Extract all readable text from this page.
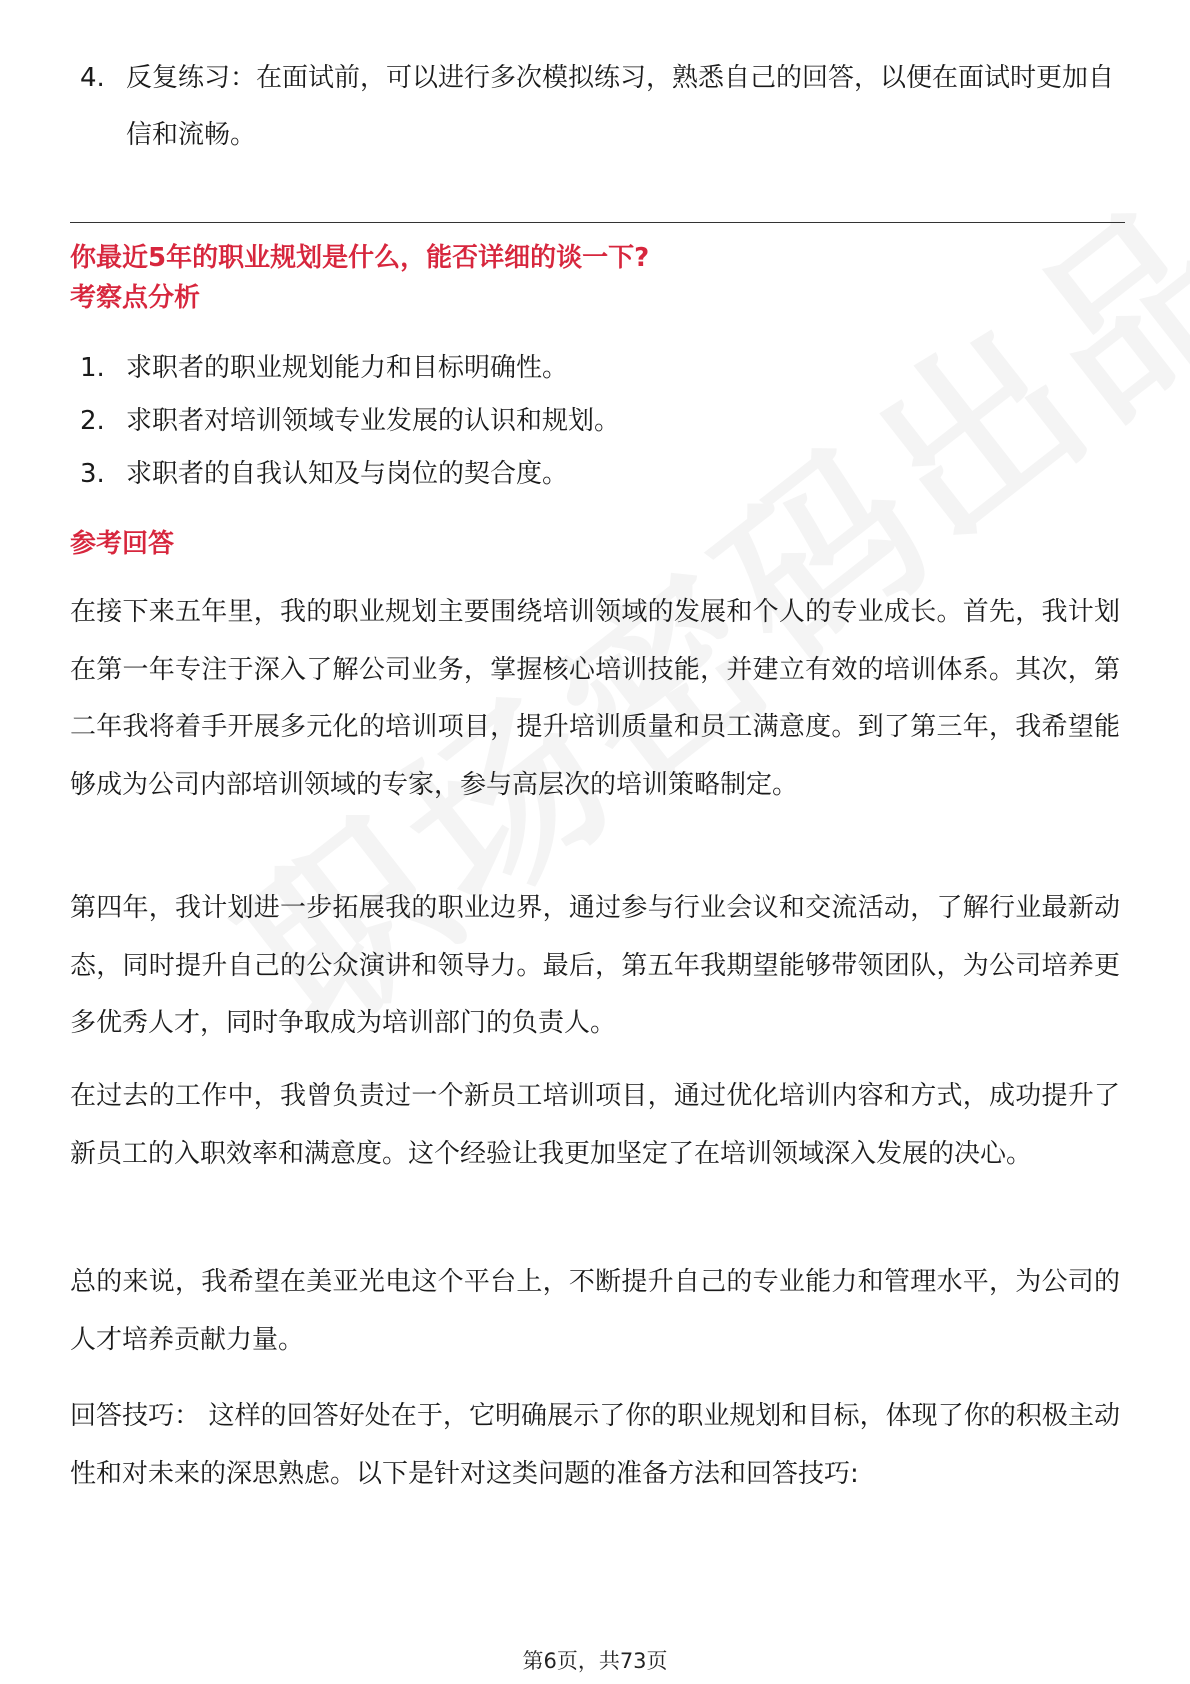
4. 反复练习：在面试前，可以进行多次模拟练习，熟悉自己的回答，以便在面试时更加自信和流畅。
你最近5年的职业规划是什么，能否详细的谈一下?
考察点分析
1. 求职者的职业规划能力和目标明确性。
2. 求职者对培训领域专业发展的认识和规划。
3. 求职者的自我认知及与岗位的契合度。
参考回答
在接下来五年里，我的职业规划主要围绕培训领域的发展和个人的专业成长。首先，我计划在第一年专注于深入了解公司业务，掌握核心培训技能，并建立有效的培训体系。其次，第二年我将着手开展多元化的培训项目，提升培训质量和员工满意度。到了第三年，我希望能够成为公司内部培训领域的专家，参与高层次的培训策略制定。
第四年，我计划进一步拓展我的职业边界，通过参与行业会议和交流活动，了解行业最新动态，同时提升自己的公众演讲和领导力。最后，第五年我期望能够带领团队，为公司培养更多优秀人才，同时争取成为培训部门的负责人。
在过去的工作中，我曾负责过一个新员工培训项目，通过优化培训内容和方式，成功提升了新员工的入职效率和满意度。这个经验让我更加坚定了在培训领域深入发展的决心。
总的来说，我希望在美亚光电这个平台上，不断提升自己的专业能力和管理水平，为公司的人才培养贡献力量。
回答技巧： 这样的回答好处在于，它明确展示了你的职业规划和目标，体现了你的积极主动性和对未来的深思熟虑。以下是针对这类问题的准备方法和回答技巧:
第6页，共73页
